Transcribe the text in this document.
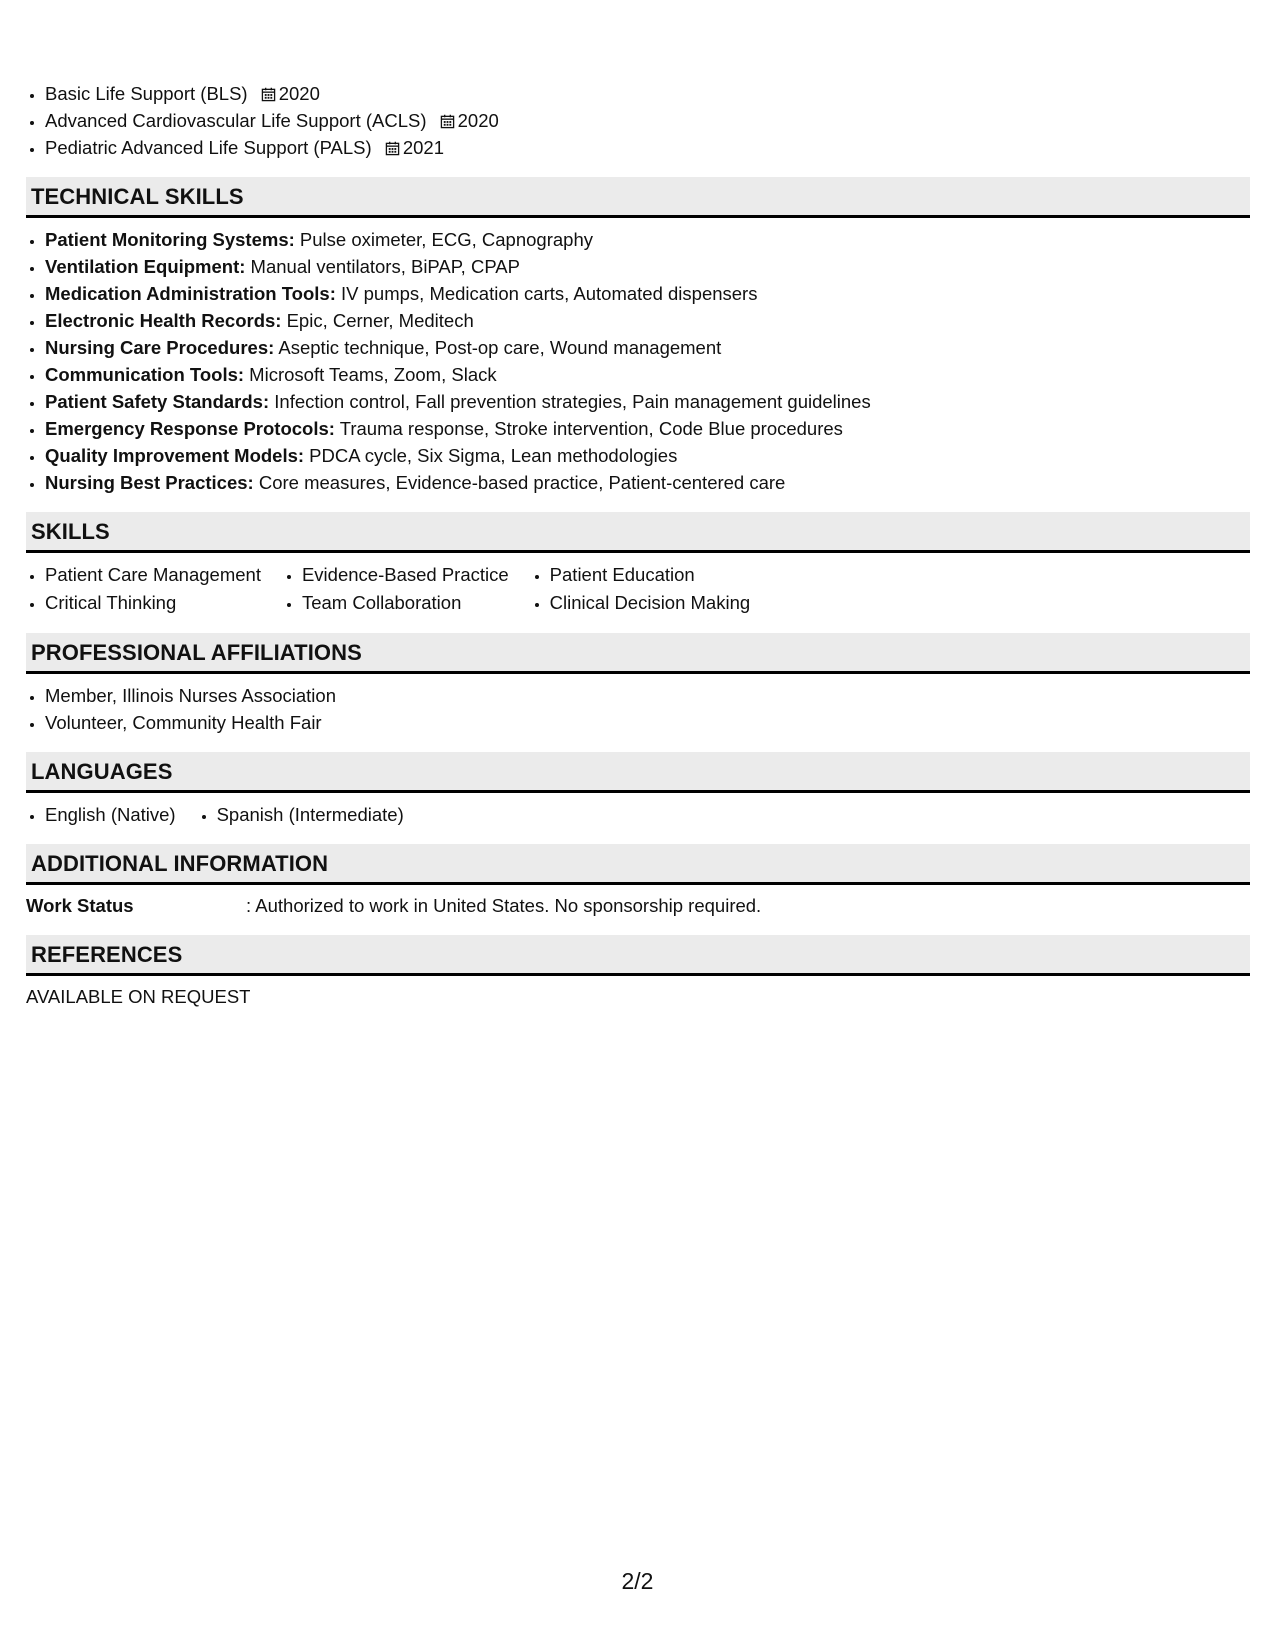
• Basic Life Support (BLS) 2020
• Advanced Cardiovascular Life Support (ACLS) 2020
• Pediatric Advanced Life Support (PALS) 2021
TECHNICAL SKILLS
• Patient Monitoring Systems: Pulse oximeter, ECG, Capnography
• Ventilation Equipment: Manual ventilators, BiPAP, CPAP
• Medication Administration Tools: IV pumps, Medication carts, Automated dispensers
• Electronic Health Records: Epic, Cerner, Meditech
• Nursing Care Procedures: Aseptic technique, Post-op care, Wound management
• Communication Tools: Microsoft Teams, Zoom, Slack
• Patient Safety Standards: Infection control, Fall prevention strategies, Pain management guidelines
• Emergency Response Protocols: Trauma response, Stroke intervention, Code Blue procedures
• Quality Improvement Models: PDCA cycle, Six Sigma, Lean methodologies
• Nursing Best Practices: Core measures, Evidence-based practice, Patient-centered care
SKILLS
• Patient Care Management
• Critical Thinking
• Evidence-Based Practice
• Team Collaboration
• Patient Education
• Clinical Decision Making
PROFESSIONAL AFFILIATIONS
• Member, Illinois Nurses Association
• Volunteer, Community Health Fair
LANGUAGES
• English (Native)
• Spanish (Intermediate)
ADDITIONAL INFORMATION
Work Status	: Authorized to work in United States. No sponsorship required.
REFERENCES
AVAILABLE ON REQUEST
2/2
